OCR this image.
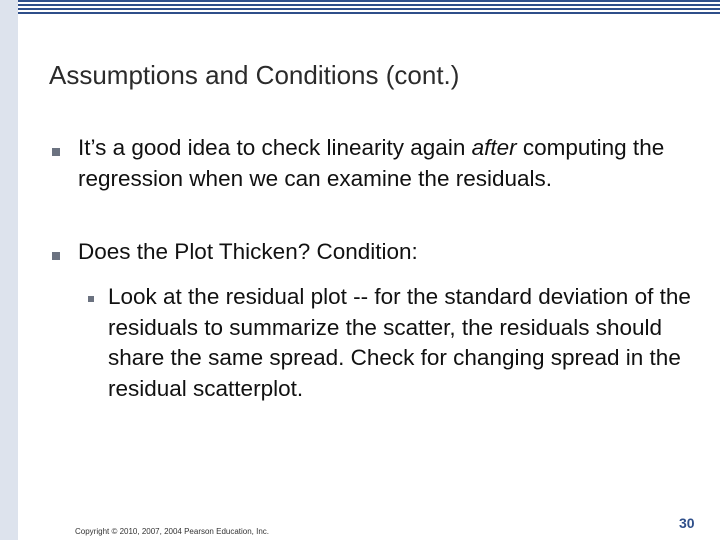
Assumptions and Conditions (cont.)
It’s a good idea to check linearity again after computing the regression when we can examine the residuals.
Does the Plot Thicken? Condition:
Look at the residual plot -- for the standard deviation of the residuals to summarize the scatter, the residuals should share the same spread. Check for changing spread in the residual scatterplot.
Copyright © 2010, 2007, 2004 Pearson Education, Inc.
30
